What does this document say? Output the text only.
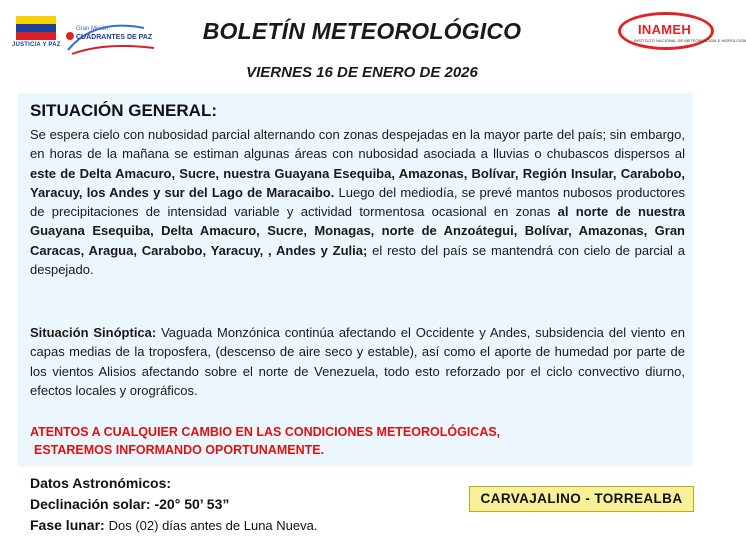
JUSTICIA Y PAZ
Gran Misión
CUADRANTES DE PAZ	BOLETÍN METEOROLÓGICO
VIERNES 16 DE ENERO DE 2026
INAMEH
INSTITUTO NACIONAL DE METEOROLOGÍA E HIDROLOGÍA
SITUACIÓN GENERAL:
Se espera cielo con nubosidad parcial alternando con zonas despejadas en la mayor parte del país; sin embargo, en horas de la mañana se estiman algunas áreas con nubosidad asociada a lluvias o chubascos dispersos al este de Delta Amacuro, Sucre, nuestra Guayana Esequiba, Amazonas, Bolívar, Región Insular, Carabobo, Yaracuy, los Andes y sur del Lago de Maracaibo. Luego del mediodía, se prevé mantos nubosos productores de precipitaciones de intensidad variable y actividad tormentosa ocasional en zonas al norte de nuestra Guayana Esequiba, Delta Amacuro, Sucre, Monagas, norte de Anzoátegui, Bolívar, Amazonas, Gran Caracas, Aragua, Carabobo, Yaracuy, , Andes y Zulia; el resto del país se mantendrá con cielo de parcial a despejado.
Situación Sinóptica: Vaguada Monzónica continúa afectando el Occidente y Andes, subsidencia del viento en capas medias de la troposfera, (descenso de aire seco y estable), así como el aporte de humedad por parte de los vientos Alisios afectando sobre el norte de Venezuela, todo esto reforzado por el ciclo convectivo diurno, efectos locales y orográficos.
ATENTOS A CUALQUIER CAMBIO EN LAS CONDICIONES METEOROLÓGICAS,
ESTAREMOS INFORMANDO OPORTUNAMENTE.
Datos Astronómicos:
Declinación solar: -20° 50’ 53”
Fase lunar: Dos (02) días antes de Luna Nueva.
CARVAJALINO - TORREALBA
